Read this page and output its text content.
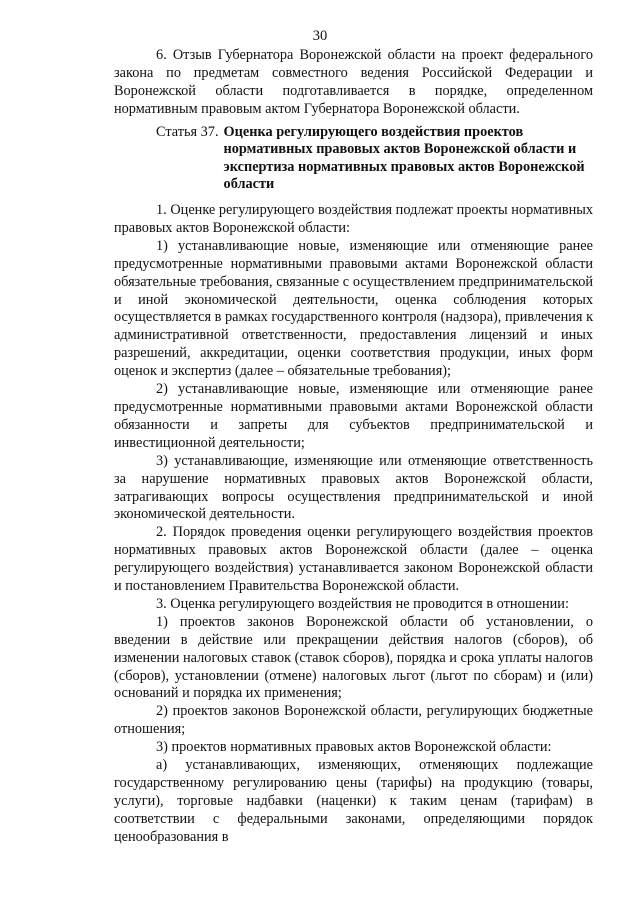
30

6. Отзыв Губернатора Воронежской области на проект федерального закона по предметам совместного ведения Российской Федерации и Воронежской области подготавливается в порядке, определенном нормативным правовым актом Губернатора Воронежской области.

Статья 37. Оценка регулирующего воздействия проектов нормативных правовых актов Воронежской области и экспертиза нормативных правовых актов Воронежской области

1. Оценке регулирующего воздействия подлежат проекты нормативных правовых актов Воронежской области:

1) устанавливающие новые, изменяющие или отменяющие ранее предусмотренные нормативными правовыми актами Воронежской области обязательные требования, связанные с осуществлением предпринимательской и иной экономической деятельности, оценка соблюдения которых осуществляется в рамках государственного контроля (надзора), привлечения к административной ответственности, предоставления лицензий и иных разрешений, аккредитации, оценки соответствия продукции, иных форм оценок и экспертиз (далее – обязательные требования);

2) устанавливающие новые, изменяющие или отменяющие ранее предусмотренные нормативными правовыми актами Воронежской области обязанности и запреты для субъектов предпринимательской и инвестиционной деятельности;

3) устанавливающие, изменяющие или отменяющие ответственность за нарушение нормативных правовых актов Воронежской области, затрагивающих вопросы осуществления предпринимательской и иной экономической деятельности.

2. Порядок проведения оценки регулирующего воздействия проектов нормативных правовых актов Воронежской области (далее – оценка регулирующего воздействия) устанавливается законом Воронежской области и постановлением Правительства Воронежской области.

3. Оценка регулирующего воздействия не проводится в отношении:

1) проектов законов Воронежской области об установлении, о введении в действие или прекращении действия налогов (сборов), об изменении налоговых ставок (ставок сборов), порядка и срока уплаты налогов (сборов), установлении (отмене) налоговых льгот (льгот по сборам) и (или) оснований и порядка их применения;

2) проектов законов Воронежской области, регулирующих бюджетные отношения;

3) проектов нормативных правовых актов Воронежской области:

а) устанавливающих, изменяющих, отменяющих подлежащие государственному регулированию цены (тарифы) на продукцию (товары, услуги), торговые надбавки (наценки) к таким ценам (тарифам) в соответствии с федеральными законами, определяющими порядок ценообразования в
